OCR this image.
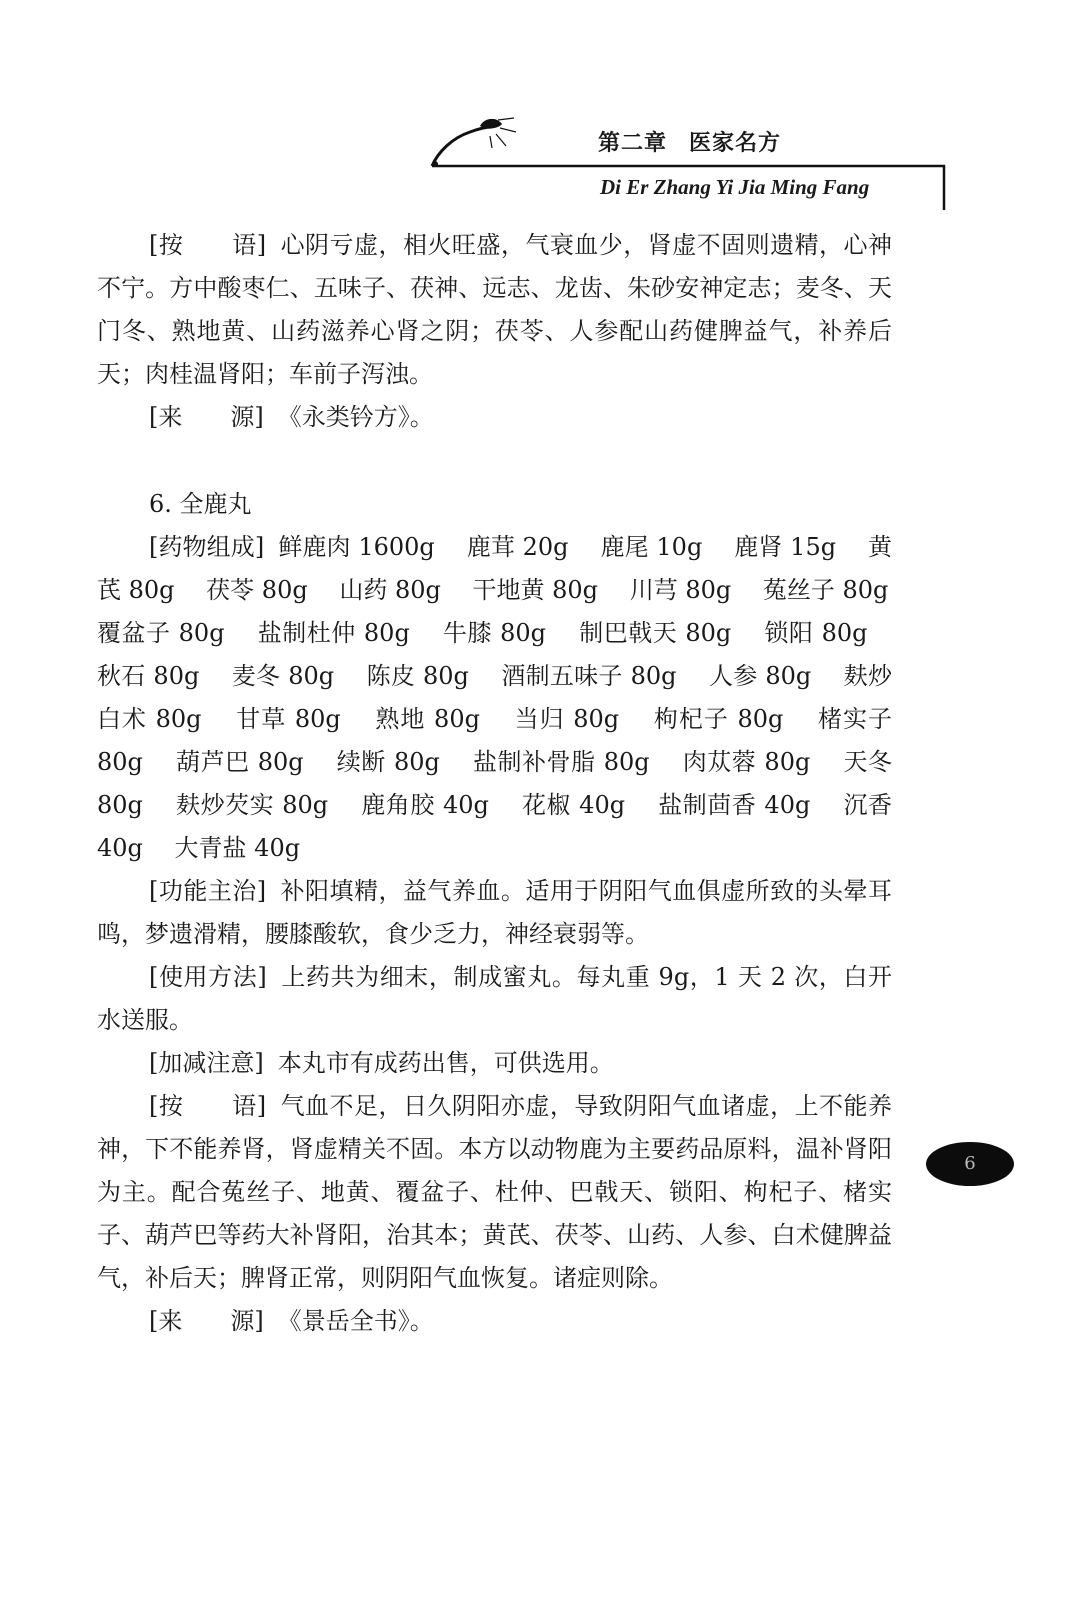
第二章 医家名方
Di Er Zhang Yi Jia Ming Fang
6

[按　　语] 心阴亏虚，相火旺盛，气衰血少，肾虚不固则遗精，心神不宁。方中酸枣仁、五味子、茯神、远志、龙齿、朱砂安神定志；麦冬、天门冬、熟地黄、山药滋养心肾之阴；茯苓、人参配山药健脾益气，补养后天；肉桂温肾阳；车前子泻浊。

[来　　源] 《永类钤方》。

6. 全鹿丸

[药物组成] 鲜鹿肉 1600g　 鹿茸 20g　 鹿尾 10g　 鹿肾 15g　 黄芪 80g　 茯苓 80g　 山药 80g　 干地黄 80g　 川芎 80g　 菟丝子 80g　 覆盆子 80g　 盐制杜仲 80g　 牛膝 80g　 制巴戟天 80g　 锁阳 80g　 秋石 80g　 麦冬 80g　 陈皮 80g　 酒制五味子 80g　 人参 80g　 麸炒白术 80g　 甘草 80g　 熟地 80g　 当归 80g　 枸杞子 80g　 楮实子 80g　 葫芦巴 80g　 续断 80g　 盐制补骨脂 80g　 肉苁蓉 80g　 天冬 80g　 麸炒芡实 80g　 鹿角胶 40g　 花椒 40g　 盐制茴香 40g　 沉香 40g　 大青盐 40g

[功能主治] 补阳填精，益气养血。适用于阴阳气血俱虚所致的头晕耳鸣，梦遗滑精，腰膝酸软，食少乏力，神经衰弱等。

[使用方法] 上药共为细末，制成蜜丸。每丸重 9g，1 天 2 次，白开水送服。

[加减注意] 本丸市有成药出售，可供选用。

[按　　语] 气血不足，日久阴阳亦虚，导致阴阳气血诸虚，上不能养神，下不能养肾，肾虚精关不固。本方以动物鹿为主要药品原料，温补肾阳为主。配合菟丝子、地黄、覆盆子、杜仲、巴戟天、锁阳、枸杞子、楮实子、葫芦巴等药大补肾阳，治其本；黄芪、茯苓、山药、人参、白术健脾益气，补后天；脾肾正常，则阴阳气血恢复。诸症则除。

[来　　源] 《景岳全书》。
